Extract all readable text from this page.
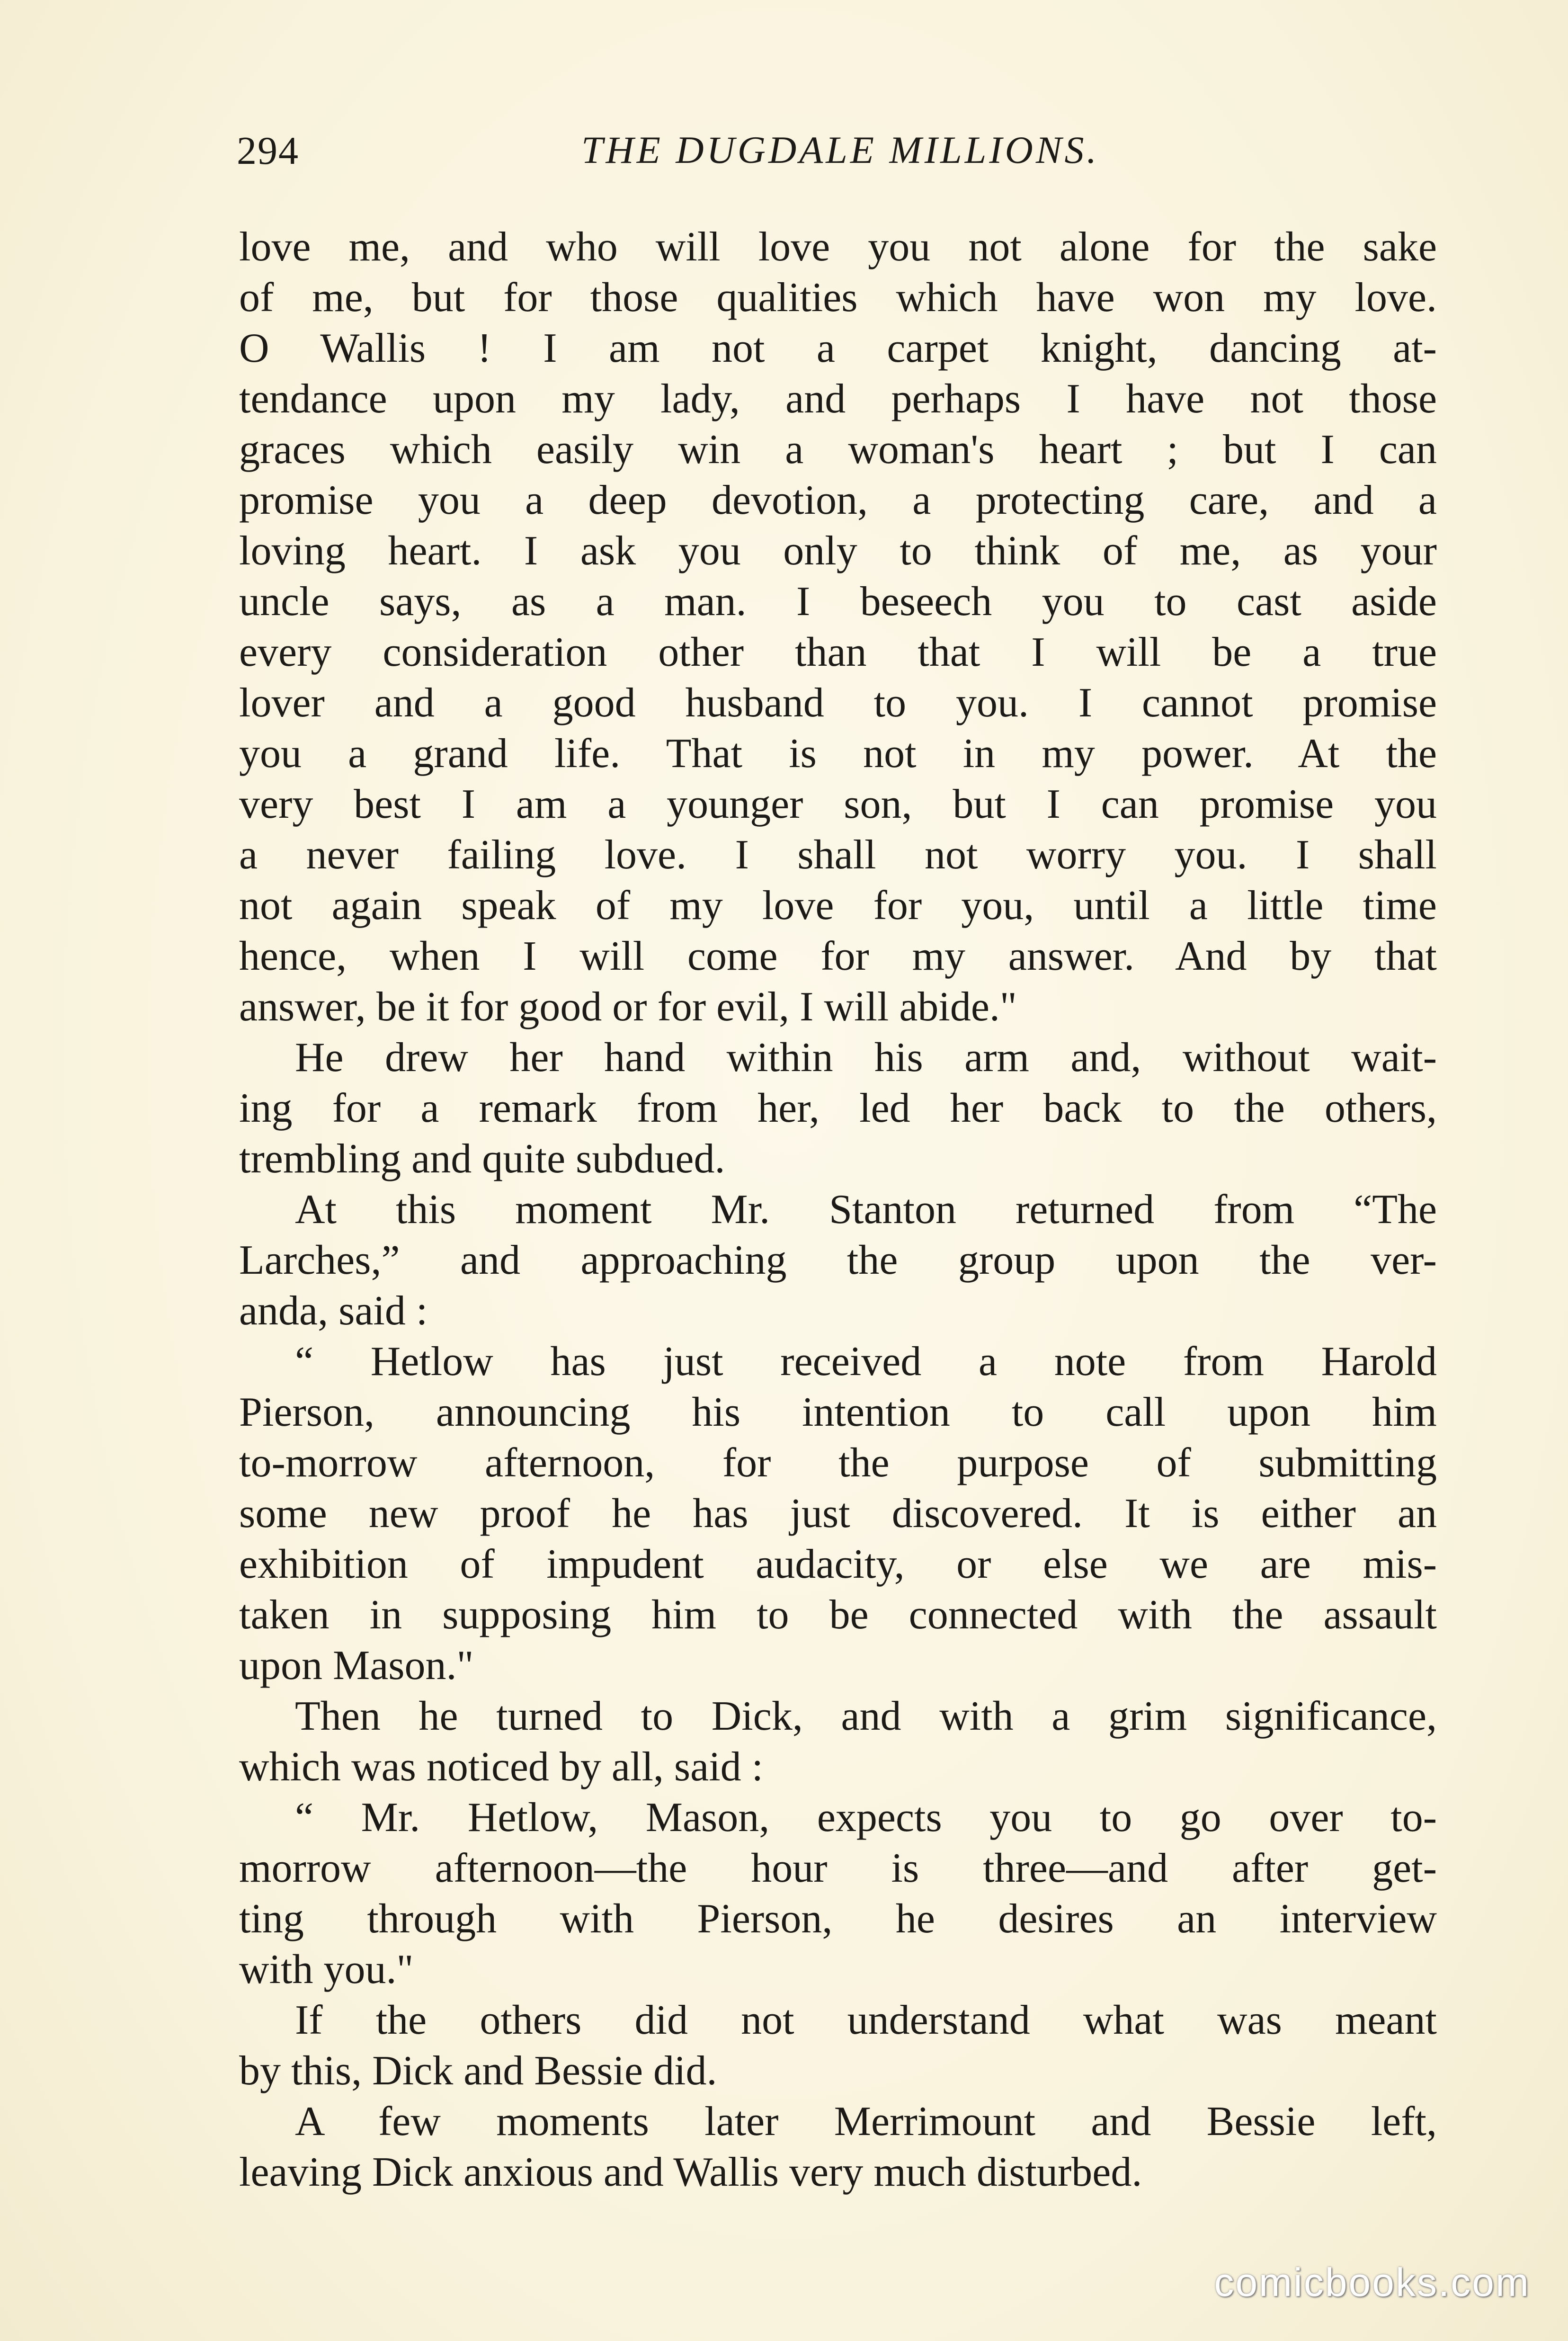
294	THE DUGDALE MILLIONS.
love me, and who will love you not alone for the sake
of me, but for those qualities which have won my love.
O Wallis ! I am not a carpet knight, dancing at-
tendance upon my lady, and perhaps I have not those
graces which easily win a woman's heart ; but I can
promise you a deep devotion, a protecting care, and a
loving heart. I ask you only to think of me, as your
uncle says, as a man. I beseech you to cast aside
every consideration other than that I will be a true
lover and a good husband to you. I cannot promise
you a grand life. That is not in my power. At the
very best I am a younger son, but I can promise you
a never failing love. I shall not worry you. I shall
not again speak of my love for you, until a little time
hence, when I will come for my answer. And by that
answer, be it for good or for evil, I will abide."
He drew her hand within his arm and, without wait-
ing for a remark from her, led her back to the others,
trembling and quite subdued.
At this moment Mr. Stanton returned from “The
Larches,” and approaching the group upon the ver-
anda, said :
“ Hetlow has just received a note from Harold
Pierson, announcing his intention to call upon him
to-morrow afternoon, for the purpose of submitting
some new proof he has just discovered. It is either an
exhibition of impudent audacity, or else we are mis-
taken in supposing him to be connected with the assault
upon Mason."
Then he turned to Dick, and with a grim significance,
which was noticed by all, said :
“ Mr. Hetlow, Mason, expects you to go over to-
morrow afternoon—the hour is three—and after get-
ting through with Pierson, he desires an interview
with you."
If the others did not understand what was meant
by this, Dick and Bessie did.
A few moments later Merrimount and Bessie left,
leaving Dick anxious and Wallis very much disturbed.
comicbooks.com
